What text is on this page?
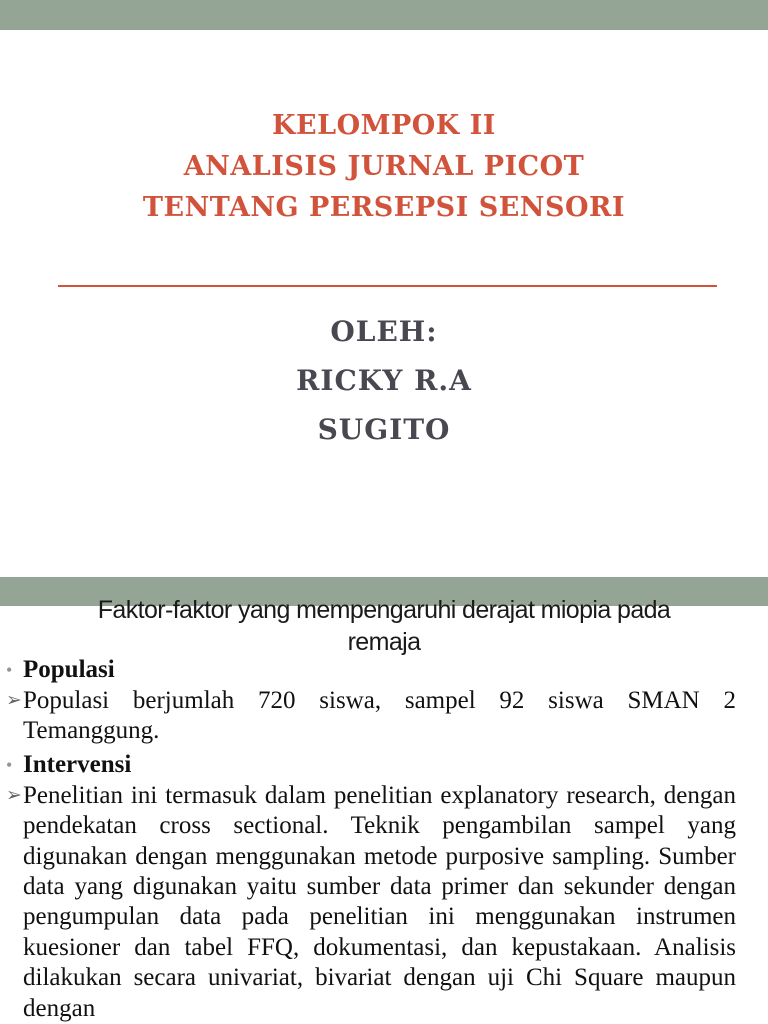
KELOMPOK II
ANALISIS JURNAL PICOT
TENTANG PERSEPSI SENSORI
OLEH:
RICKY R.A
SUGITO
Faktor-faktor yang mempengaruhi derajat miopia pada
remaja
• Populasi
➢ Populasi berjumlah 720 siswa, sampel 92 siswa SMAN 2 Temanggung.
• Intervensi
➢ Penelitian ini termasuk dalam penelitian explanatory research, dengan pendekatan cross sectional. Teknik pengambilan sampel yang digunakan dengan menggunakan metode purposive sampling. Sumber data yang digunakan yaitu sumber data primer dan sekunder dengan pengumpulan data pada penelitian ini menggunakan instrumen kuesioner dan tabel FFQ, dokumentasi, dan kepustakaan. Analisis dilakukan secara univariat, bivariat dengan uji Chi Square maupun dengan
